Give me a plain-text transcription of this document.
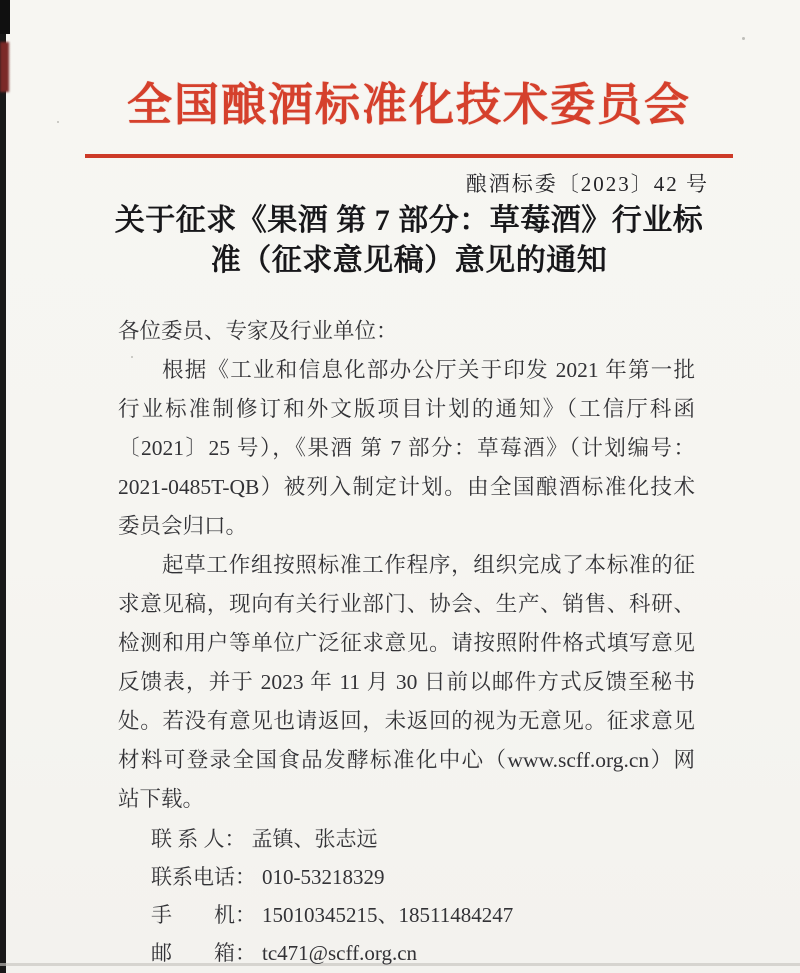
全国酿酒标准化技术委员会
酿酒标委〔2023〕42 号
关于征求《果酒 第 7 部分：草莓酒》行业标
准（征求意见稿）意见的通知
各位委员、专家及行业单位：
根据《工业和信息化部办公厅关于印发 2021 年第一批
行业标准制修订和外文版项目计划的通知》（工信厅科函
〔2021〕25 号），《果酒 第 7 部分：草莓酒》（计划编号：
2021-0485T-QB）被列入制定计划。由全国酿酒标准化技术
委员会归口。
起草工作组按照标准工作程序，组织完成了本标准的征
求意见稿，现向有关行业部门、协会、生产、销售、科研、
检测和用户等单位广泛征求意见。请按照附件格式填写意见
反馈表，并于 2023 年 11 月 30 日前以邮件方式反馈至秘书
处。若没有意见也请返回，未返回的视为无意见。征求意见
材料可登录全国食品发酵标准化中心（www.scff.org.cn）网
站下载。
联 系 人： 孟镇、张志远
联系电话： 010-53218329
手　　机： 15010345215、18511484247
邮　　箱： tc471@scff.org.cn
